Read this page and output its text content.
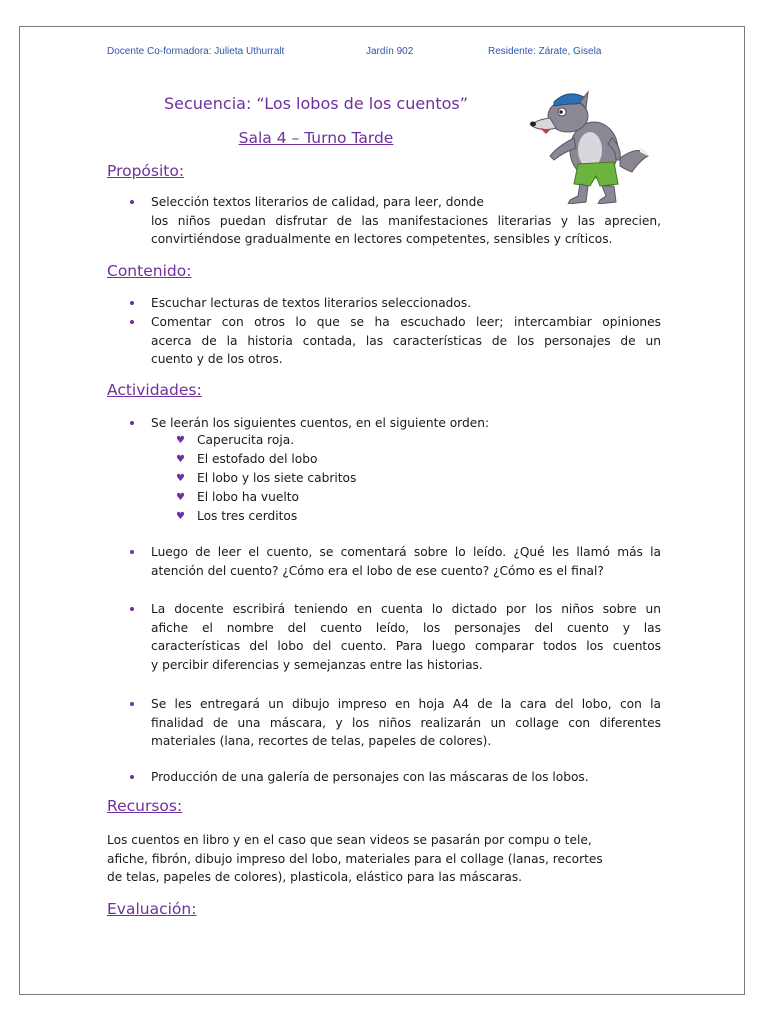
Docente Co-formadora: Julieta Uthurralt	Jardín 902	Residente: Zárate, Gisela
Secuencia: “Los lobos de los cuentos”
Sala 4 – Turno Tarde
Propósito:
Selección textos literarios de calidad, para leer, donde
los niños puedan disfrutar de las manifestaciones literarias y las aprecien,
convirtiéndose gradualmente en lectores competentes, sensibles y críticos.
Contenido:
Escuchar lecturas de textos literarios seleccionados.
Comentar con otros lo que se ha escuchado leer; intercambiar opiniones
acerca de la historia contada, las características de los personajes de un
cuento y de los otros.
Actividades:
Se leerán los siguientes cuentos, en el siguiente orden:
♥ Caperucita roja.
♥ El estofado del lobo
♥ El lobo y los siete cabritos
♥ El lobo ha vuelto
♥ Los tres cerditos
Luego de leer el cuento, se comentará sobre lo leído. ¿Qué les llamó más la
atención del cuento? ¿Cómo era el lobo de ese cuento? ¿Cómo es el final?
La docente escribirá teniendo en cuenta lo dictado por los niños sobre un
afiche el nombre del cuento leído, los personajes del cuento y las
características del lobo del cuento. Para luego comparar todos los cuentos
y percibir diferencias y semejanzas entre las historias.
Se les entregará un dibujo impreso en hoja A4 de la cara del lobo, con la
finalidad de una máscara, y los niños realizarán un collage con diferentes
materiales (lana, recortes de telas, papeles de colores).
Producción de una galería de personajes con las máscaras de los lobos.
Recursos:
Los cuentos en libro y en el caso que sean videos se pasarán por compu o tele,
afiche, fibrón, dibujo impreso del lobo, materiales para el collage (lanas, recortes
de telas, papeles de colores), plasticola, elástico para las máscaras.
Evaluación:
